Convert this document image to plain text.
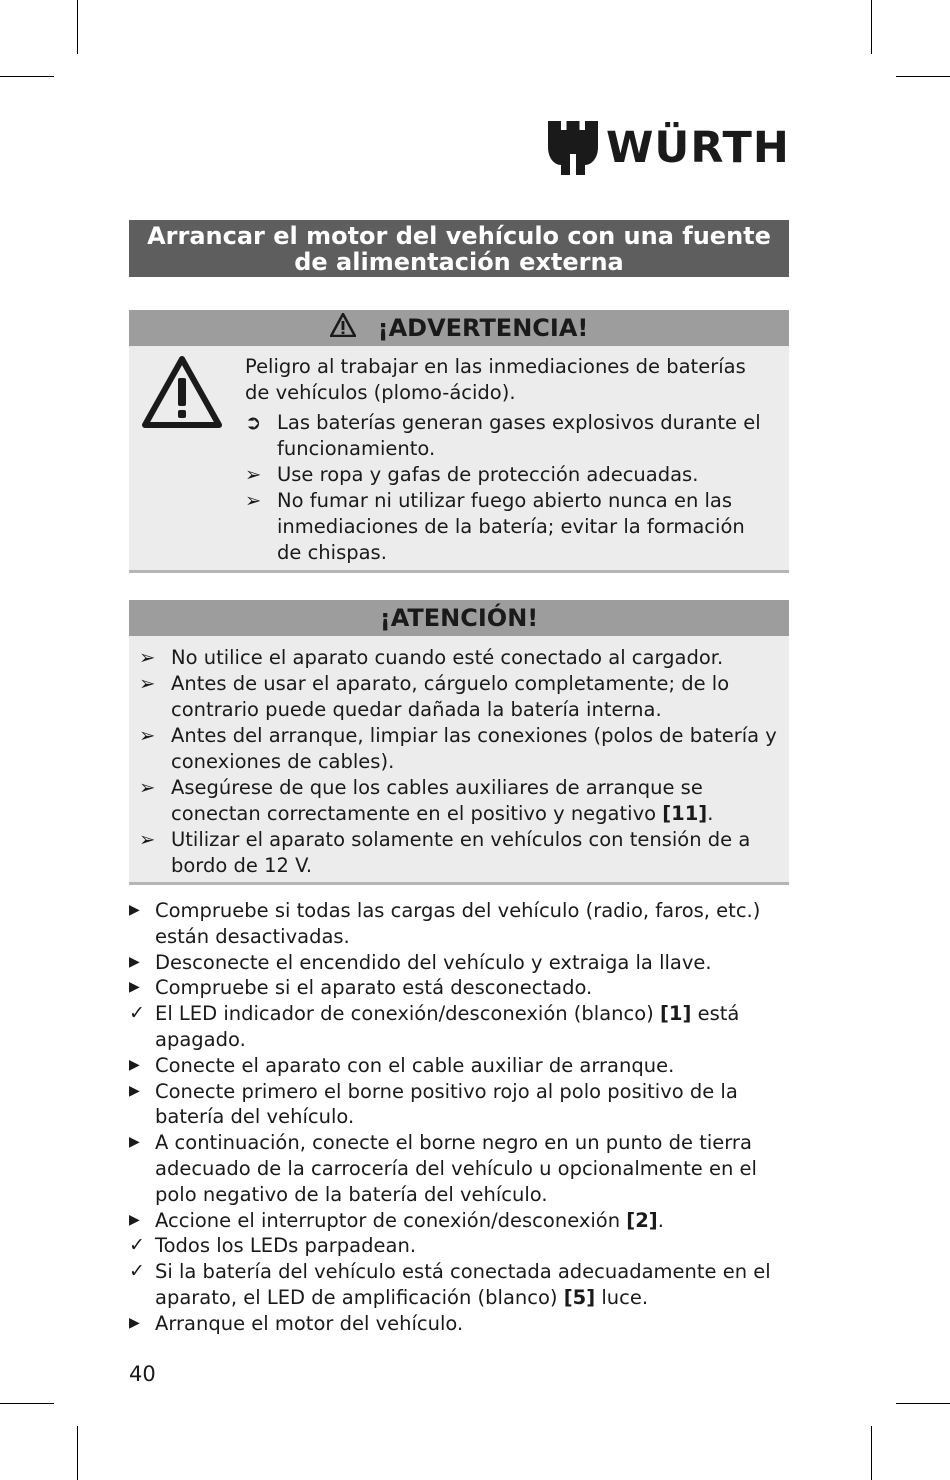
WÜRTH
Arrancar el motor del vehículo con una fuente
de alimentación externa
¡ADVERTENCIA!
Peligro al trabajar en las inmediaciones de baterías de vehículos (plomo-ácido).
➲ Las baterías generan gases explosivos durante el funcionamiento.
➢ Use ropa y gafas de protección adecuadas.
➢ No fumar ni utilizar fuego abierto nunca en las inmediaciones de la batería; evitar la formación de chispas.
¡ATENCIÓN!
➢ No utilice el aparato cuando esté conectado al cargador.
➢ Antes de usar el aparato, cárguelo completamente; de lo contrario puede quedar dañada la batería interna.
➢ Antes del arranque, limpiar las conexiones (polos de batería y conexiones de cables).
➢ Asegúrese de que los cables auxiliares de arranque se conectan correctamente en el positivo y negativo [11].
➢ Utilizar el aparato solamente en vehículos con tensión de a bordo de 12 V.
▶ Compruebe si todas las cargas del vehículo (radio, faros, etc.) están desactivadas.
▶ Desconecte el encendido del vehículo y extraiga la llave.
▶ Compruebe si el aparato está desconectado.
✓ El LED indicador de conexión/desconexión (blanco) [1] está apagado.
▶ Conecte el aparato con el cable auxiliar de arranque.
▶ Conecte primero el borne positivo rojo al polo positivo de la batería del vehículo.
▶ A continuación, conecte el borne negro en un punto de tierra adecuado de la carrocería del vehículo u opcionalmente en el polo negativo de la batería del vehículo.
▶ Accione el interruptor de conexión/desconexión [2].
✓ Todos los LEDs parpadean.
✓ Si la batería del vehículo está conectada adecuadamente en el aparato, el LED de amplificación (blanco) [5] luce.
▶ Arranque el motor del vehículo.
40
